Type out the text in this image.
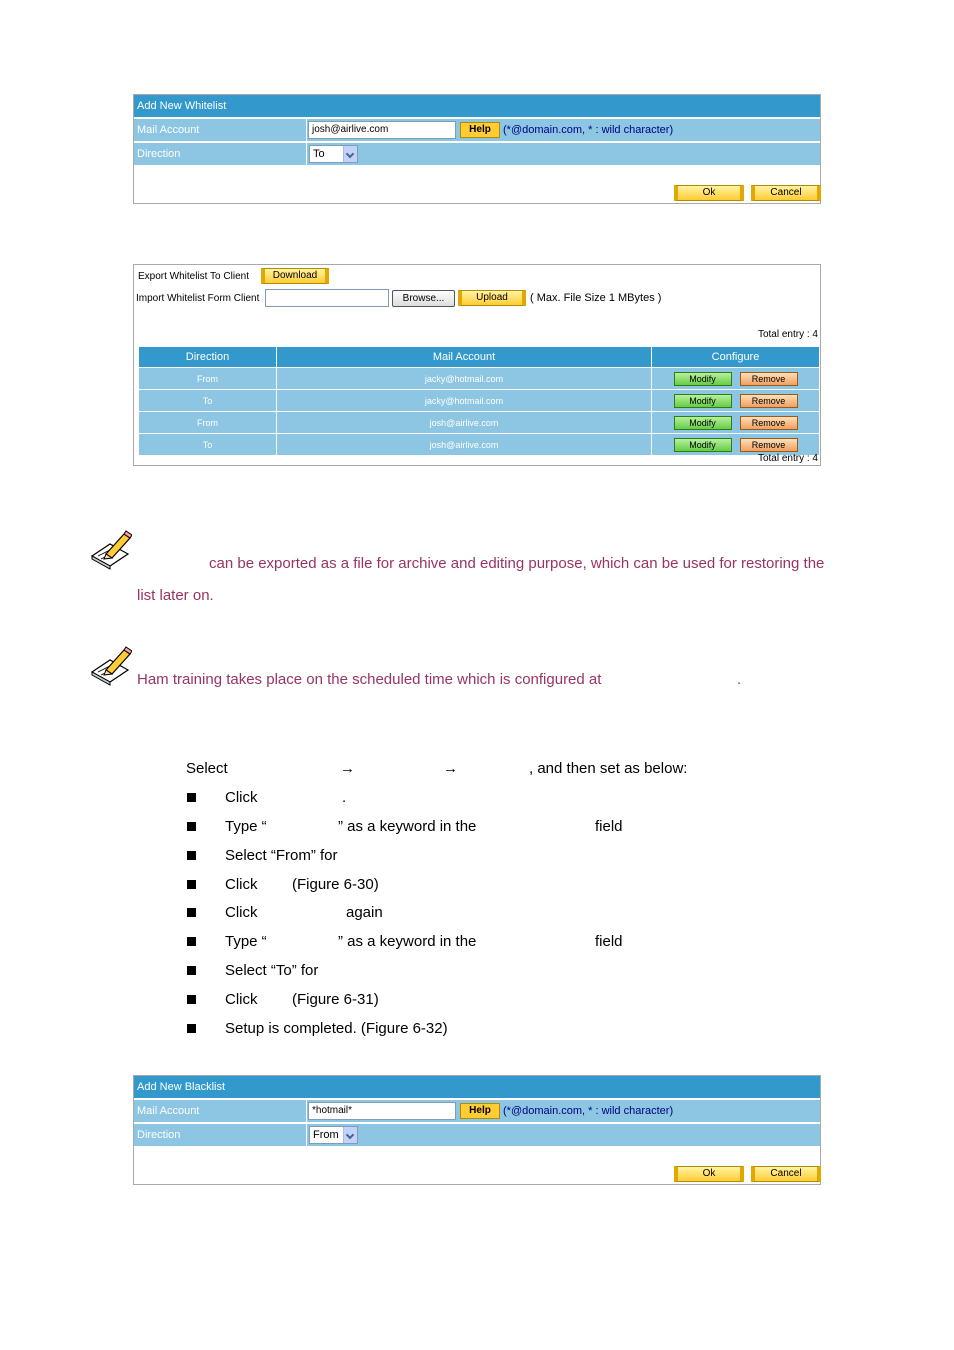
Add New Whitelist
Mail Account	josh@airlive.com	Help	(*@domain.com, * : wild character)
Direction	To
Ok	Cancel
Export Whitelist To Client	Download
Import Whitelist Form Client	Browse...	Upload	( Max. File Size 1 MBytes )
Total entry : 4
Direction	Mail Account	Configure
From	jacky@hotmail.com	Modify Remove
To	jacky@hotmail.com	Modify Remove
From	josh@airlive.com	Modify Remove
To	josh@airlive.com	Modify Remove
Total entry : 4
can be exported as a file for archive and editing purpose, which can be used for restoring the
list later on.
Ham training takes place on the scheduled time which is configured at	.
Select	→	→	, and then set as below:
Click	.
Type “	” as a keyword in the	field
Select “From” for
Click (Figure 6-30)
Click	again
Type “	” as a keyword in the	field
Select “To” for
Click (Figure 6-31)
Setup is completed. (Figure 6-32)
Add New Blacklist
Mail Account	*hotmail*	Help	(*@domain.com, * : wild character)
Direction	From
Ok	Cancel
